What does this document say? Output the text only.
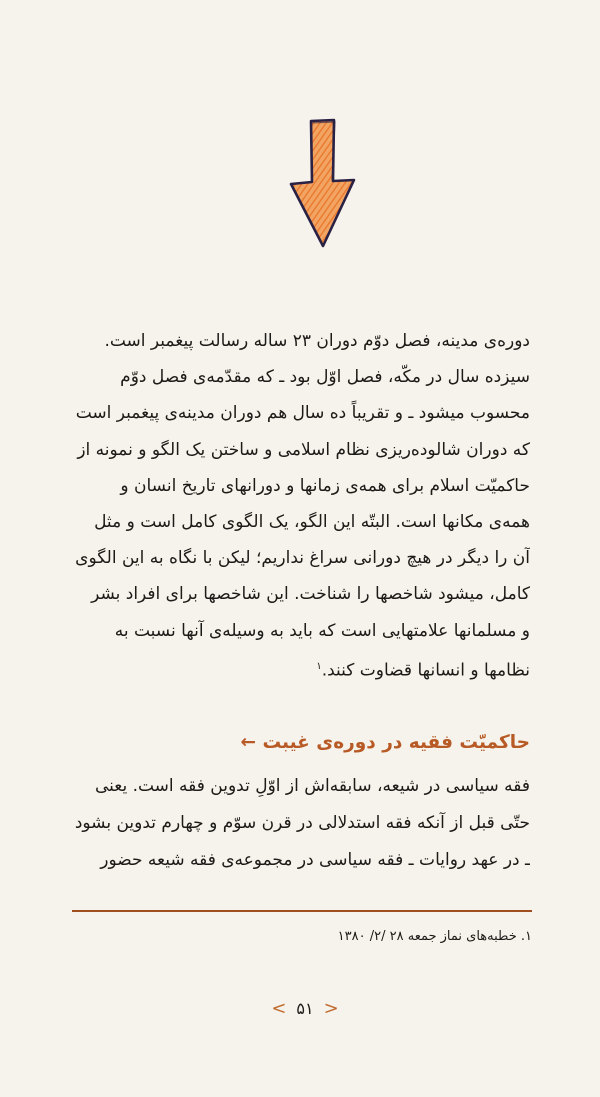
دوره‌ی مدینه، فصل دوّم دوران ۲۳ ساله رسالت پیغمبر است.
سیزده سال در مکّه، فصل اوّل بود ـ که مقدّمه‌ی فصل دوّم
محسوب میشود ـ و تقریباً ده سال هم دوران مدینه‌ی پیغمبر است
که دوران شالوده‌ریزی نظام اسلامی و ساختن یک الگو و نمونه از
حاکمیّت اسلام برای همه‌ی زمانها و دورانهای تاریخ انسان و
همه‌ی مکانها است. البتّه این الگو، یک الگوی کامل است و مثل
آن را دیگر در هیچ دورانی سراغ نداریم؛ لیکن با نگاه به این الگوی
کامل، میشود شاخصها را شناخت. این شاخصها برای افراد بشر
و مسلمانها علامتهایی است که باید به وسیله‌ی آنها نسبت به
نظامها و انسانها قضاوت کنند.$^۱$
حاکمیّت فقیه در دوره‌ی غیبت ←
فقه سیاسی در شیعه، سابقه‌اش از اوّلِ تدوین فقه است. یعنی
حتّی قبل از آنکه فقه استدلالی در قرن سوّم و چهارم تدوین بشود
ـ در عهد روایات ـ فقه سیاسی در مجموعه‌ی فقه شیعه حضور
۱. خطبه‌های نماز جمعه ۲۸ /۲/ ۱۳۸۰
< ۵۱ >
